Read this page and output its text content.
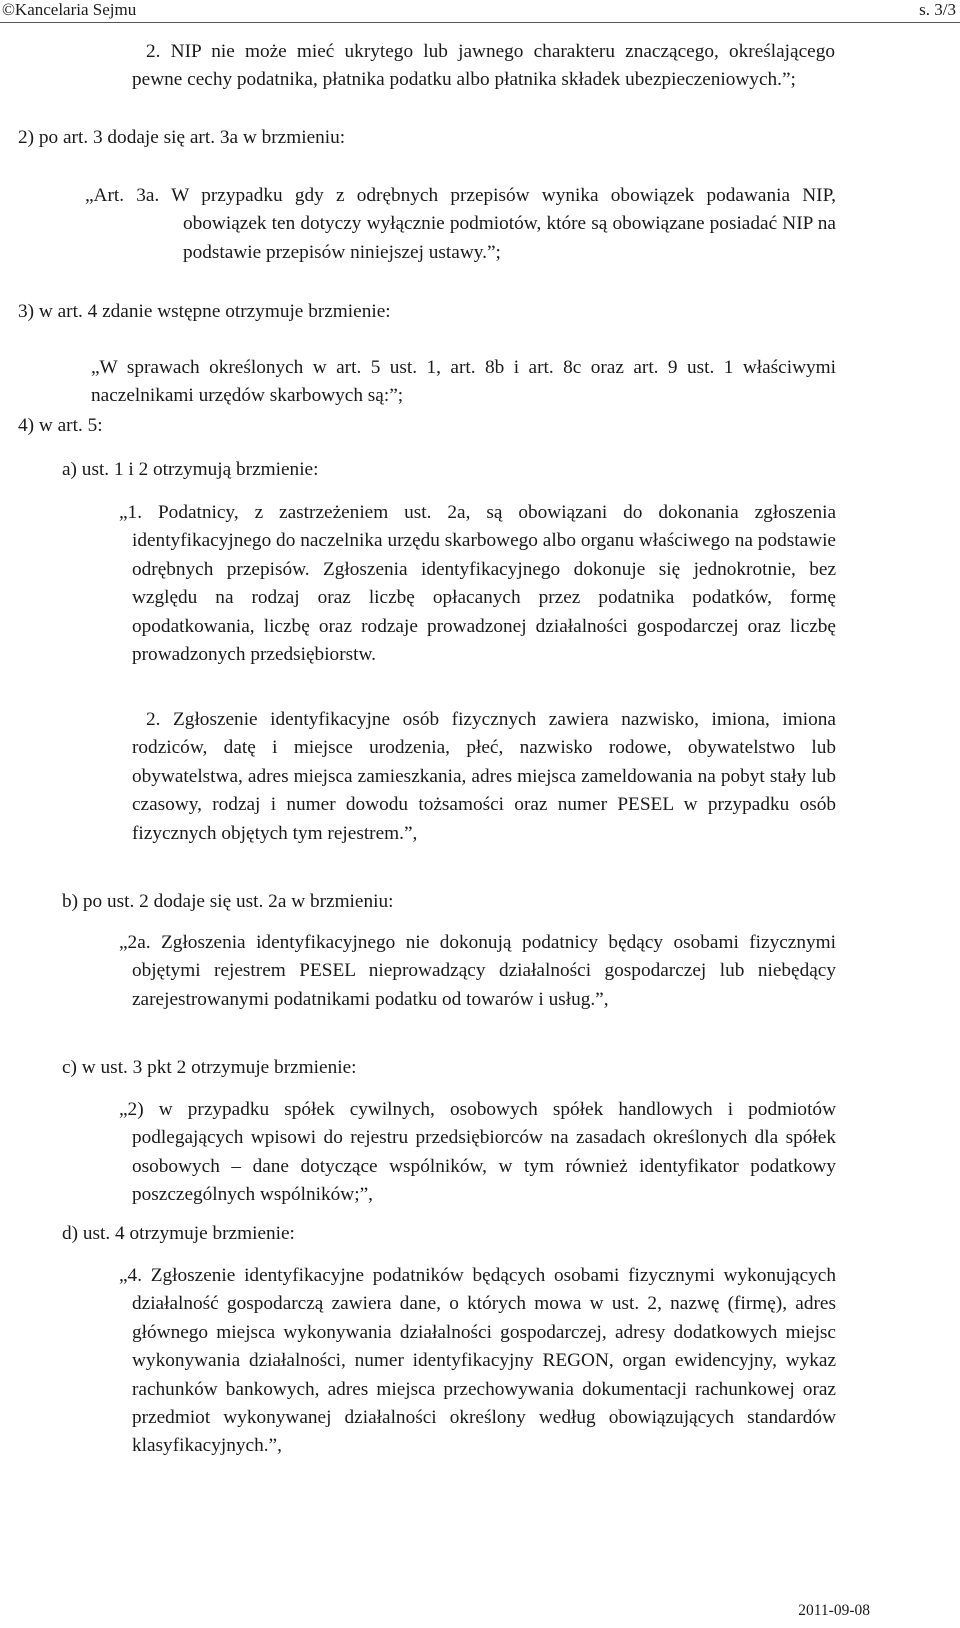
©Kancelaria Sejmu	s. 3/3

2. NIP nie może mieć ukrytego lub jawnego charakteru znaczącego, określającego pewne cechy podatnika, płatnika podatku albo płatnika składek ubezpieczeniowych.”;

2) po art. 3 dodaje się art. 3a w brzmieniu:

„Art. 3a. W przypadku gdy z odrębnych przepisów wynika obowiązek podawania NIP, obowiązek ten dotyczy wyłącznie podmiotów, które są obowiązane posiadać NIP na podstawie przepisów niniejszej ustawy.”;

3) w art. 4 zdanie wstępne otrzymuje brzmienie:

„W sprawach określonych w art. 5 ust. 1, art. 8b i art. 8c oraz art. 9 ust. 1 właściwymi naczelnikami urzędów skarbowych są:”;

4) w art. 5:

a) ust. 1 i 2 otrzymują brzmienie:

„1. Podatnicy, z zastrzeżeniem ust. 2a, są obowiązani do dokonania zgłoszenia identyfikacyjnego do naczelnika urzędu skarbowego albo organu właściwego na podstawie odrębnych przepisów. Zgłoszenia identyfikacyjnego dokonuje się jednokrotnie, bez względu na rodzaj oraz liczbę opłacanych przez podatnika podatków, formę opodatkowania, liczbę oraz rodzaje prowadzonej działalności gospodarczej oraz liczbę prowadzonych przedsiębiorstw.

2. Zgłoszenie identyfikacyjne osób fizycznych zawiera nazwisko, imiona, imiona rodziców, datę i miejsce urodzenia, płeć, nazwisko rodowe, obywatelstwo lub obywatelstwa, adres miejsca zamieszkania, adres miejsca zameldowania na pobyt stały lub czasowy, rodzaj i numer dowodu tożsamości oraz numer PESEL w przypadku osób fizycznych objętych tym rejestrem.”,

b) po ust. 2 dodaje się ust. 2a w brzmieniu:

„2a. Zgłoszenia identyfikacyjnego nie dokonują podatnicy będący osobami fizycznymi objętymi rejestrem PESEL nieprowadzący działalności gospodarczej lub niebędący zarejestrowanymi podatnikami podatku od towarów i usług.”,

c) w ust. 3 pkt 2 otrzymuje brzmienie:

„2) w przypadku spółek cywilnych, osobowych spółek handlowych i podmiotów podlegających wpisowi do rejestru przedsiębiorców na zasadach określonych dla spółek osobowych – dane dotyczące wspólników, w tym również identyfikator podatkowy poszczególnych wspólników;”,

d) ust. 4 otrzymuje brzmienie:

„4. Zgłoszenie identyfikacyjne podatników będących osobami fizycznymi wykonujących działalność gospodarczą zawiera dane, o których mowa w ust. 2, nazwę (firmę), adres głównego miejsca wykonywania działalności gospodarczej, adresy dodatkowych miejsc wykonywania działalności, numer identyfikacyjny REGON, organ ewidencyjny, wykaz rachunków bankowych, adres miejsca przechowywania dokumentacji rachunkowej oraz przedmiot wykonywanej działalności określony według obowiązujących standardów klasyfikacyjnych.”,

2011-09-08
